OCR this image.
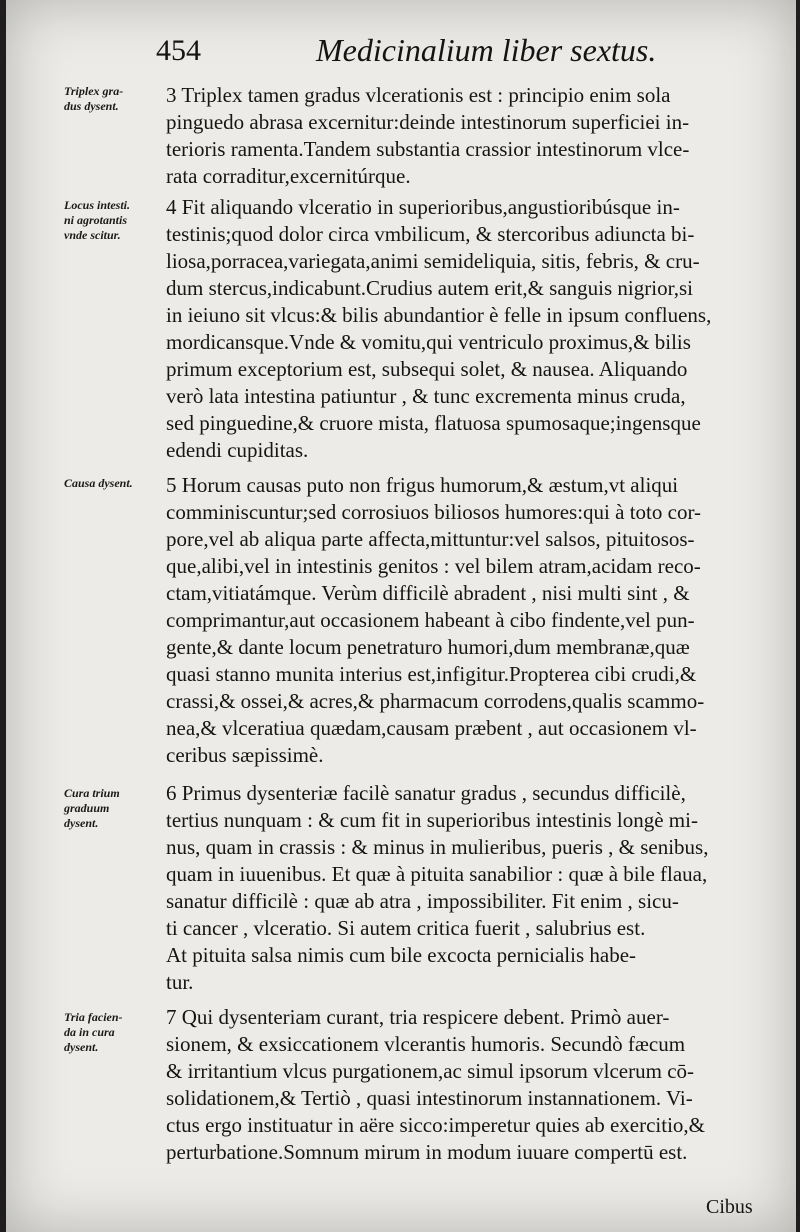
454	Medicinalium liber sextus.
Triplex gra-
dus dysent.
Locus intesti.
ni agrotantis
vnde scitur.
Causa dysent.
Cura trium
graduum
dysent.
Tria facien-
da in cura
dysent.
3 Triplex tamen gradus vlcerationis est : principio enim sola
pinguedo abrasa excernitur:deinde intestinorum superficiei in-
terioris ramenta.Tandem substantia crassior intestinorum vlce-
rata corraditur,excernitúrque.
4 Fit aliquando vlceratio in superioribus,angustioribúsque in-
testinis;quod dolor circa vmbilicum, & stercoribus adiuncta bi-
liosa,porracea,variegata,animi semideliquia, sitis, febris, & cru-
dum stercus,indicabunt.Crudius autem erit,& sanguis nigrior,si
in ieiuno sit vlcus:& bilis abundantior è felle in ipsum confluens,
mordicansque.Vnde & vomitu,qui ventriculo proximus,& bilis
primum exceptorium est, subsequi solet, & nausea. Aliquando
verò lata intestina patiuntur , & tunc excrementa minus cruda,
sed pinguedine,& cruore mista, flatuosa spumosaque;ingensque
edendi cupiditas.
5 Horum causas puto non frigus humorum,& æstum,vt aliqui
comminiscuntur;sed corrosiuos biliosos humores:qui à toto cor-
pore,vel ab aliqua parte affecta,mittuntur:vel salsos, pituitosos-
que,alibi,vel in intestinis genitos : vel bilem atram,acidam reco-
ctam,vitiatámque. Verùm difficilè abradent , nisi multi sint , &
comprimantur,aut occasionem habeant à cibo findente,vel pun-
gente,& dante locum penetraturo humori,dum membranæ,quæ
quasi stanno munita interius est,infigitur.Propterea cibi crudi,&
crassi,& ossei,& acres,& pharmacum corrodens,qualis scammo-
nea,& vlceratiua quædam,causam præbent , aut occasionem vl-
ceribus sæpissimè.
6 Primus dysenteriæ facilè sanatur gradus , secundus difficilè,
tertius nunquam : & cum fit in superioribus intestinis longè mi-
nus, quam in crassis : & minus in mulieribus, pueris , & senibus,
quam in iuuenibus. Et quæ à pituita sanabilior : quæ à bile flaua,
sanatur difficilè : quæ ab atra , impossibiliter. Fit enim , sicu-
ti cancer , vlceratio. Si autem critica fuerit , salubrius est.
At pituita salsa nimis cum bile excocta pernicialis habe-
tur.
7 Qui dysenteriam curant, tria respicere debent. Primò auer-
sionem, & exsiccationem vlcerantis humoris. Secundò fæcum
& irritantium vlcus purgationem,ac simul ipsorum vlcerum cō-
solidationem,& Tertiò , quasi intestinorum instannationem. Vi-
ctus ergo instituatur in aëre sicco:imperetur quies ab exercitio,&
perturbatione.Somnum mirum in modum iuuare compertū est.
Cibus
